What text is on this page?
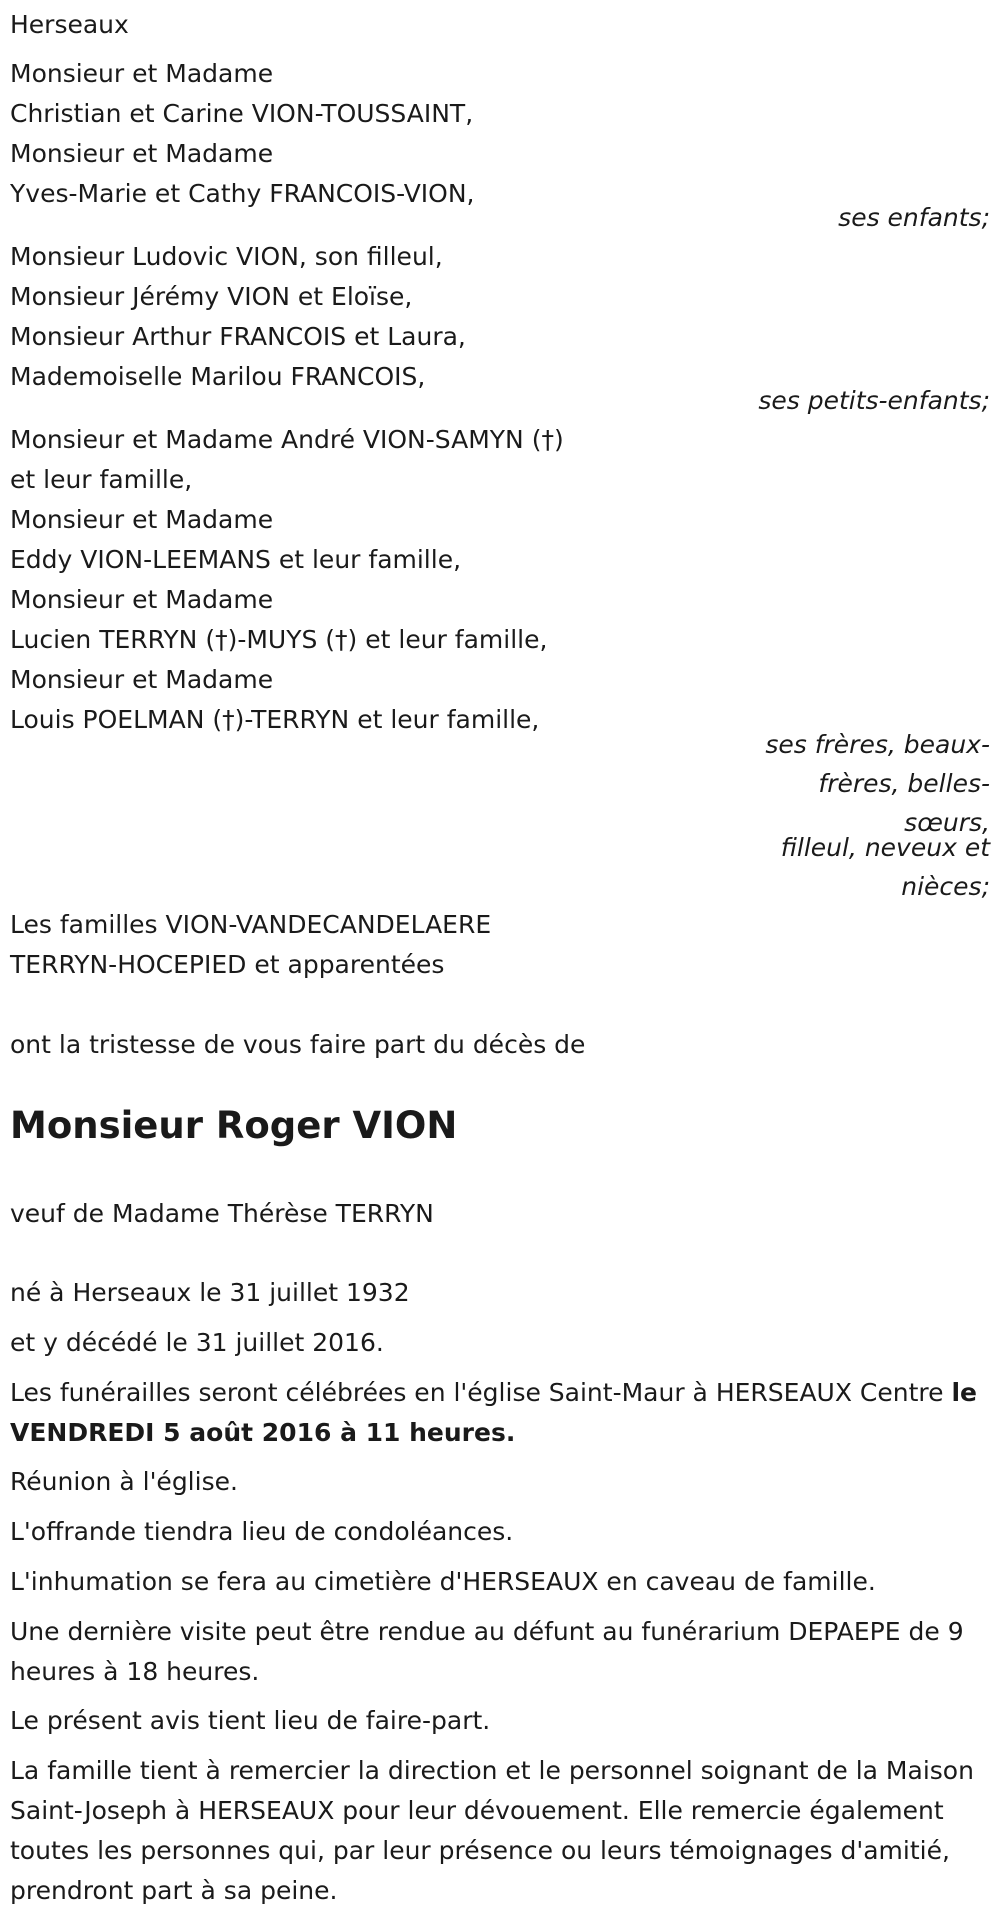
Herseaux
Monsieur et Madame
Christian et Carine VION-TOUSSAINT,
Monsieur et Madame
Yves-Marie et Cathy FRANCOIS-VION,
ses enfants;
Monsieur Ludovic VION, son filleul,
Monsieur Jérémy VION et Eloïse,
Monsieur Arthur FRANCOIS et Laura,
Mademoiselle Marilou FRANCOIS,
ses petits-enfants;
Monsieur et Madame André VION-SAMYN (†)
et leur famille,
Monsieur et Madame
Eddy VION-LEEMANS et leur famille,
Monsieur et Madame
Lucien TERRYN (†)-MUYS (†) et leur famille,
Monsieur et Madame
Louis POELMAN (†)-TERRYN et leur famille,
ses frères, beaux-
frères, belles-
sœurs,
filleul, neveux et
nièces;
Les familles VION-VANDECANDELAERE
TERRYN-HOCEPIED et apparentées
ont la tristesse de vous faire part du décès de
Monsieur Roger VION
veuf de Madame Thérèse TERRYN
né à Herseaux le 31 juillet 1932
et y décédé le 31 juillet 2016.
Les funérailles seront célébrées en l'église Saint-Maur à HERSEAUX Centre le VENDREDI 5 août 2016 à 11 heures.
Réunion à l'église.
L'offrande tiendra lieu de condoléances.
L'inhumation se fera au cimetière d'HERSEAUX en caveau de famille.
Une dernière visite peut être rendue au défunt au funérarium DEPAEPE de 9 heures à 18 heures.
Le présent avis tient lieu de faire-part.
La famille tient à remercier la direction et le personnel soignant de la Maison Saint-Joseph à HERSEAUX pour leur dévouement. Elle remercie également toutes les personnes qui, par leur présence ou leurs témoignages d'amitié, prendront part à sa peine.
